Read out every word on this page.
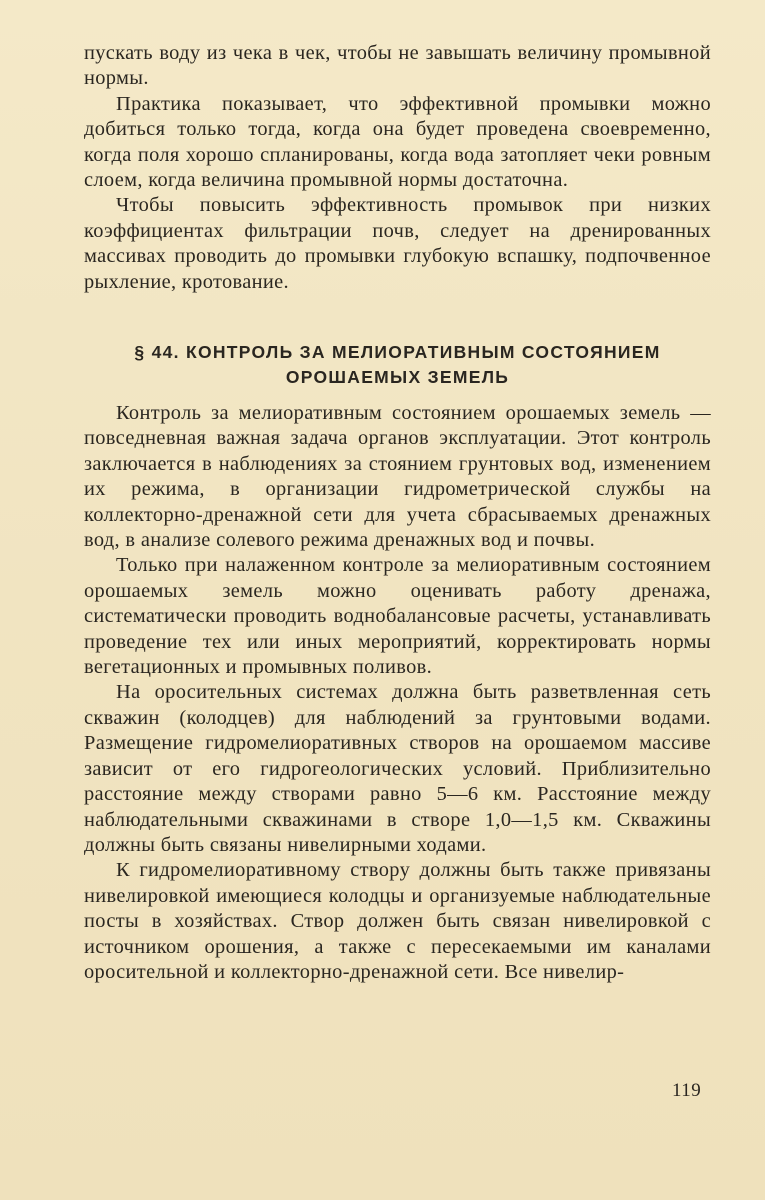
пускать воду из чека в чек, чтобы не завышать величину промывной нормы.

Практика показывает, что эффективной промывки можно добиться только тогда, когда она будет проведена своевременно, когда поля хорошо спланированы, когда вода затопляет чеки ровным слоем, когда величина промывной нормы достаточна.

Чтобы повысить эффективность промывок при низких коэффициентах фильтрации почв, следует на дренированных массивах проводить до промывки глубокую вспашку, подпочвенное рыхление, кротование.

§ 44. КОНТРОЛЬ ЗА МЕЛИОРАТИВНЫМ СОСТОЯНИЕМ
ОРОШАЕМЫХ ЗЕМЕЛЬ

Контроль за мелиоративным состоянием орошаемых земель — повседневная важная задача органов эксплуатации. Этот контроль заключается в наблюдениях за стоянием грунтовых вод, изменением их режима, в организации гидрометрической службы на коллекторно-дренажной сети для учета сбрасываемых дренажных вод, в анализе солевого режима дренажных вод и почвы.

Только при налаженном контроле за мелиоративным состоянием орошаемых земель можно оценивать работу дренажа, систематически проводить воднобалансовые расчеты, устанавливать проведение тех или иных мероприятий, корректировать нормы вегетационных и промывных поливов.

На оросительных системах должна быть разветвленная сеть скважин (колодцев) для наблюдений за грунтовыми водами. Размещение гидромелиоративных створов на орошаемом массиве зависит от его гидрогеологических условий. Приблизительно расстояние между створами равно 5—6 км. Расстояние между наблюдательными скважинами в створе 1,0—1,5 км. Скважины должны быть связаны нивелирными ходами.

К гидромелиоративному створу должны быть также привязаны нивелировкой имеющиеся колодцы и организуемые наблюдательные посты в хозяйствах. Створ должен быть связан нивелировкой с источником орошения, а также с пересекаемыми им каналами оросительной и коллекторно-дренажной сети. Все нивелир-

119
